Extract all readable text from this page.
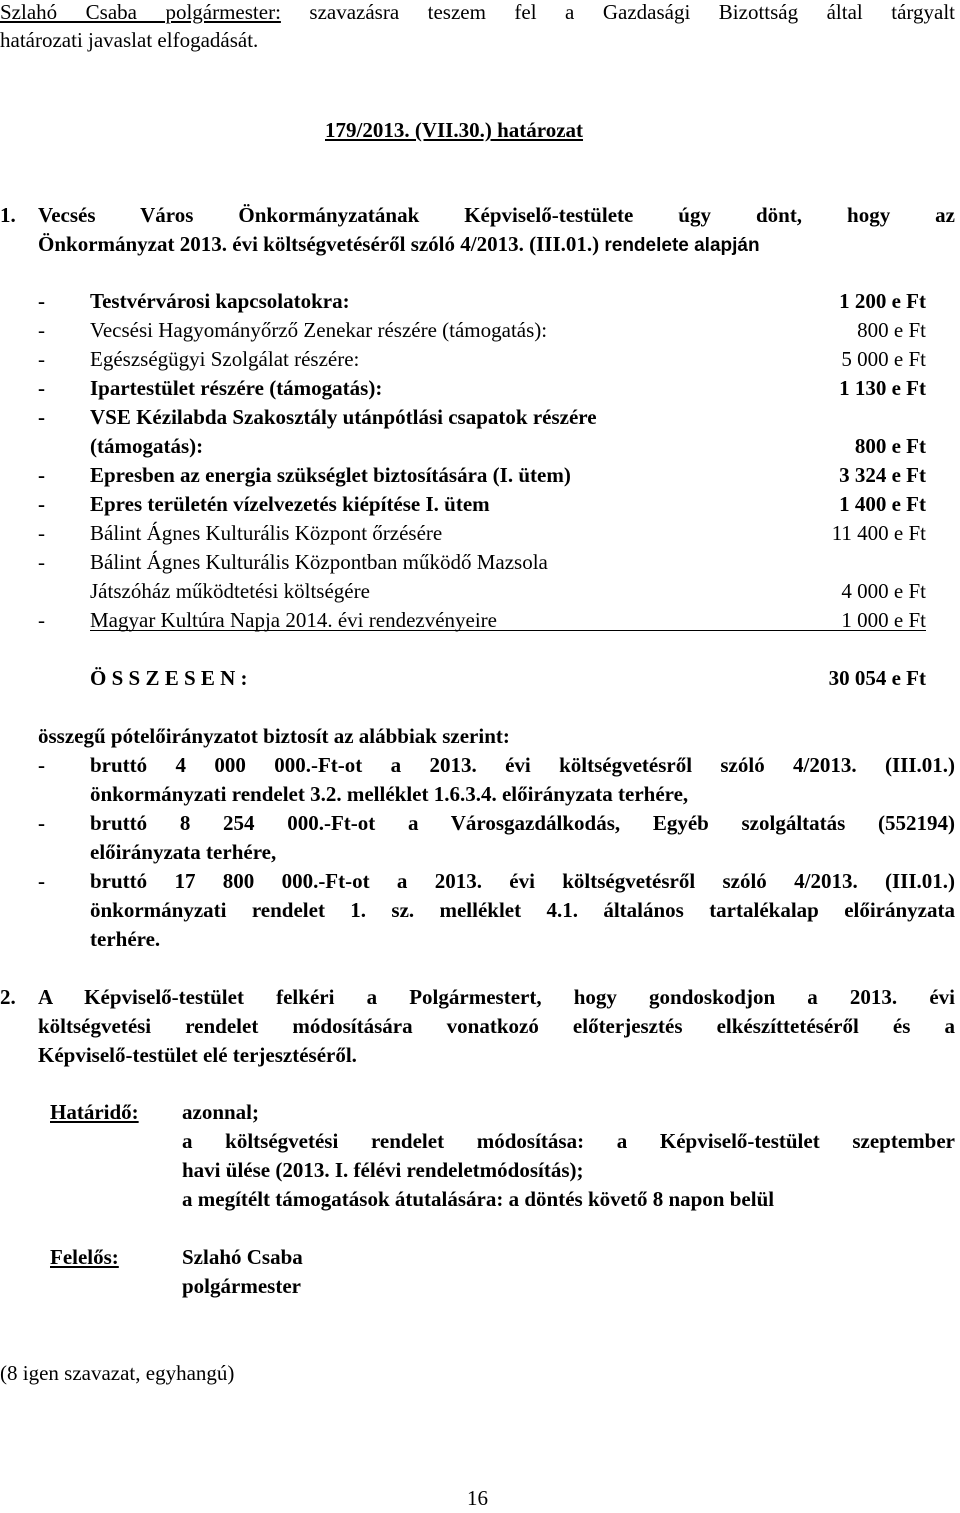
Szlahó Csaba polgármester: szavazásra teszem fel a Gazdasági Bizottság által tárgyalt
határozati javaslat elfogadását.
179/2013. (VII.30.) határozat
1. Vecsés Város Önkormányzatának Képviselő-testülete úgy dönt, hogy az
Önkormányzat 2013. évi költségvetéséről szóló 4/2013. (III.01.) rendelete alapján
- Testvérvárosi kapcsolatokra:	1 200 e Ft
- Vecsési Hagyományőrző Zenekar részére (támogatás):	800 e Ft
- Egészségügyi Szolgálat részére:	5 000 e Ft
- Ipartestület részére (támogatás):	1 130 e Ft
- VSE Kézilabda Szakosztály utánpótlási csapatok részére
(támogatás):	800 e Ft
- Epresben az energia szükséglet biztosítására (I. ütem)	3 324 e Ft
- Epres területén vízelvezetés kiépítése I. ütem	1 400 e Ft
- Bálint Ágnes Kulturális Központ őrzésére	11 400 e Ft
- Bálint Ágnes Kulturális Központban működő Mazsola
Játszóház működtetési költségére	4 000 e Ft
- Magyar Kultúra Napja 2014. évi rendezvényeire	1 000 e Ft
Ö S S Z E S E N :	30 054 e Ft
összegű pótelőirányzatot biztosít az alábbiak szerint:
- bruttó 4 000 000.-Ft-ot a 2013. évi költségvetésről szóló 4/2013. (III.01.)
önkormányzati rendelet 3.2. melléklet 1.6.3.4. előirányzata terhére,
- bruttó 8 254 000.-Ft-ot a Városgazdálkodás, Egyéb szolgáltatás (552194)
előirányzata terhére,
- bruttó 17 800 000.-Ft-ot a 2013. évi költségvetésről szóló 4/2013. (III.01.)
önkormányzati rendelet 1. sz. melléklet 4.1. általános tartalékalap előirányzata
terhére.
2. A Képviselő-testület felkéri a Polgármestert, hogy gondoskodjon a 2013. évi
költségvetési rendelet módosítására vonatkozó előterjesztés elkészíttetéséről és a
Képviselő-testület elé terjesztéséről.
Határidő: azonnal;
a költségvetési rendelet módosítása: a Képviselő-testület szeptember
havi ülése (2013. I. félévi rendeletmódosítás);
a megítélt támogatások átutalására: a döntés követő 8 napon belül
Felelős:	Szlahó Csaba
polgármester
(8 igen szavazat, egyhangú)
16
